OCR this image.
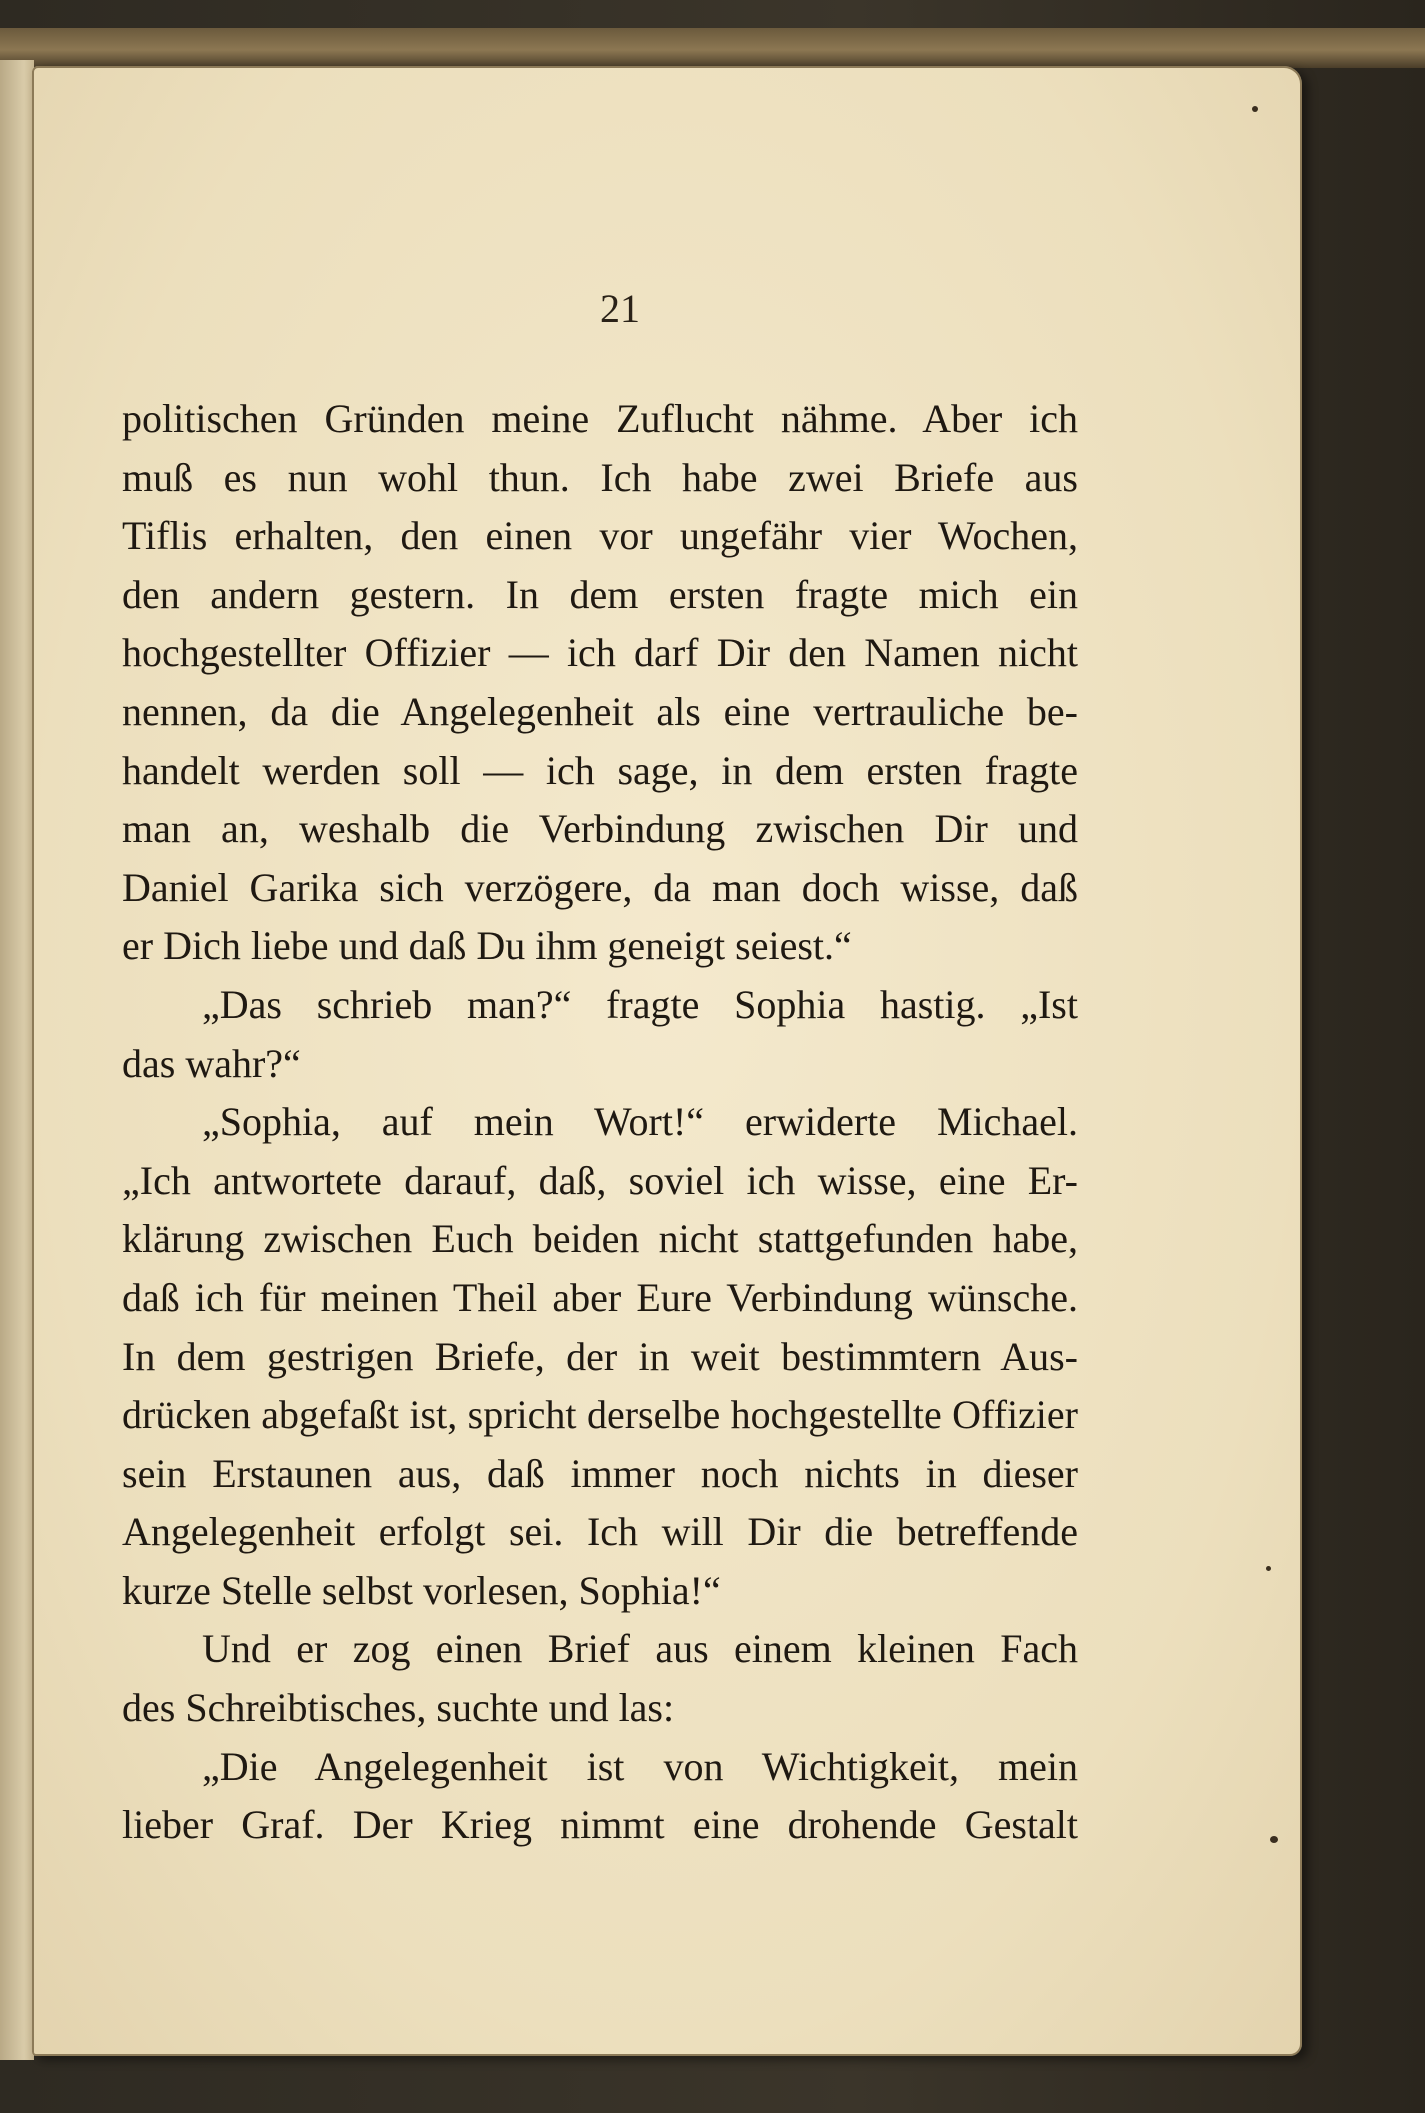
21
politischen Gründen meine Zuflucht nähme. Aber ich
muß es nun wohl thun. Ich habe zwei Briefe aus
Tiflis erhalten, den einen vor ungefähr vier Wochen,
den andern gestern. In dem ersten fragte mich ein
hochgestellter Offizier — ich darf Dir den Namen nicht
nennen, da die Angelegenheit als eine vertrauliche be-
handelt werden soll — ich sage, in dem ersten fragte
man an, weshalb die Verbindung zwischen Dir und
Daniel Garika sich verzögere, da man doch wisse, daß
er Dich liebe und daß Du ihm geneigt seiest.“
„Das schrieb man?“ fragte Sophia hastig. „Ist
das wahr?“
„Sophia, auf mein Wort!“ erwiderte Michael.
„Ich antwortete darauf, daß, soviel ich wisse, eine Er-
klärung zwischen Euch beiden nicht stattgefunden habe,
daß ich für meinen Theil aber Eure Verbindung wünsche.
In dem gestrigen Briefe, der in weit bestimmtern Aus-
drücken abgefaßt ist, spricht derselbe hochgestellte Offizier
sein Erstaunen aus, daß immer noch nichts in dieser
Angelegenheit erfolgt sei. Ich will Dir die betreffende
kurze Stelle selbst vorlesen, Sophia!“
Und er zog einen Brief aus einem kleinen Fach
des Schreibtisches, suchte und las:
„Die Angelegenheit ist von Wichtigkeit, mein
lieber Graf. Der Krieg nimmt eine drohende Gestalt
